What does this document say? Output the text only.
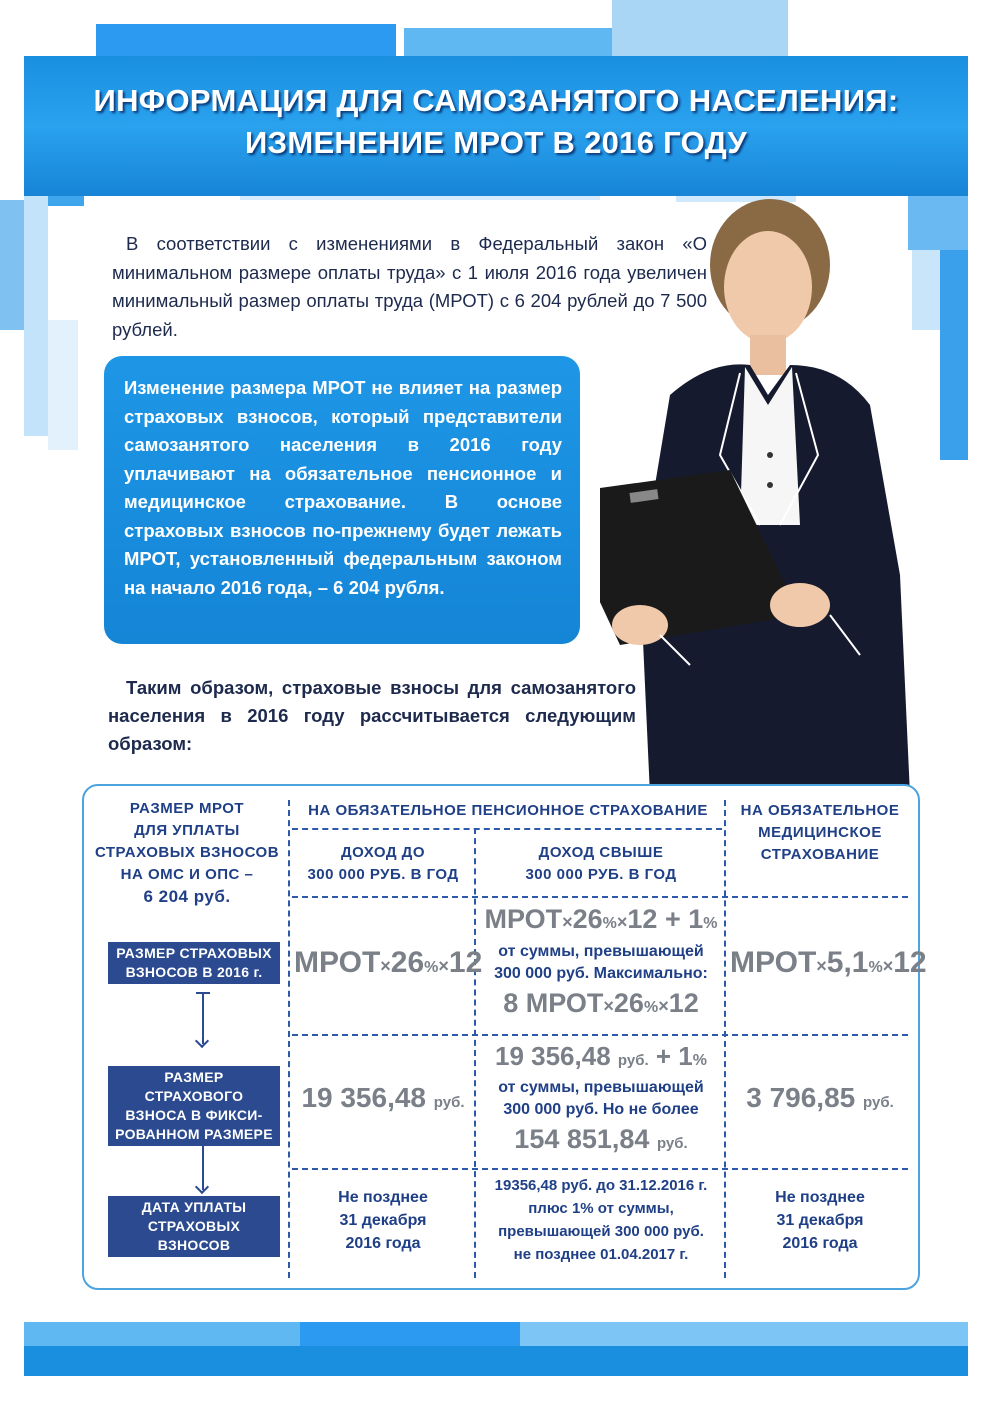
ИНФОРМАЦИЯ ДЛЯ САМОЗАНЯТОГО НАСЕЛЕНИЯ:
ИЗМЕНЕНИЕ МРОТ В 2016 ГОДУ
В соответствии с изменениями в Федеральный закон «О минимальном размере оплаты труда» с 1 июля 2016 года увеличен минимальный размер оплаты труда (МРОТ) с 6 204 рублей до 7 500 рублей.
Изменение размера МРОТ не влияет на размер страховых взносов, который представители самозанятого населения в 2016 году уплачивают на обязательное пенсионное и медицинское страхование. В основе страховых взносов по-прежнему будет лежать МРОТ, установленный федеральным законом на начало 2016 года, – 6 204 рубля.
Таким образом, страховые взносы для самозанятого населения в 2016 году рассчитывается следующим образом:
РАЗМЕР МРОТ
ДЛЯ УПЛАТЫ
СТРАХОВЫХ ВЗНОСОВ
НА ОМС И ОПС –
6 204 руб.
НА ОБЯЗАТЕЛЬНОЕ ПЕНСИОННОЕ СТРАХОВАНИЕ
ДОХОД ДО
300 000 РУБ. В ГОД
ДОХОД СВЫШЕ
300 000 РУБ. В ГОД
НА ОБЯЗАТЕЛЬНОЕ
МЕДИЦИНСКОЕ
СТРАХОВАНИЕ
РАЗМЕР СТРАХОВЫХ
ВЗНОСОВ В 2016 г.
РАЗМЕР СТРАХОВОГО
ВЗНОСА В ФИКСИ-
РОВАННОМ РАЗМЕРЕ
ДАТА УПЛАТЫ
СТРАХОВЫХ ВЗНОСОВ
МРОТ×26%×12
МРОТ×26%×12 + 1%
от суммы, превышающей
300 000 руб. Максимально:
8 МРОТ×26%×12
МРОТ×5,1%×12
19 356,48 руб.
19 356,48 руб. + 1%
от суммы, превышающей
300 000 руб. Но не более
154 851,84 руб.
3 796,85 руб.
Не позднее
31 декабря
2016 года
19356,48 руб. до 31.12.2016 г.
плюс 1% от суммы,
превышающей 300 000 руб.
не позднее 01.04.2017 г.
Не позднее
31 декабря
2016 года
